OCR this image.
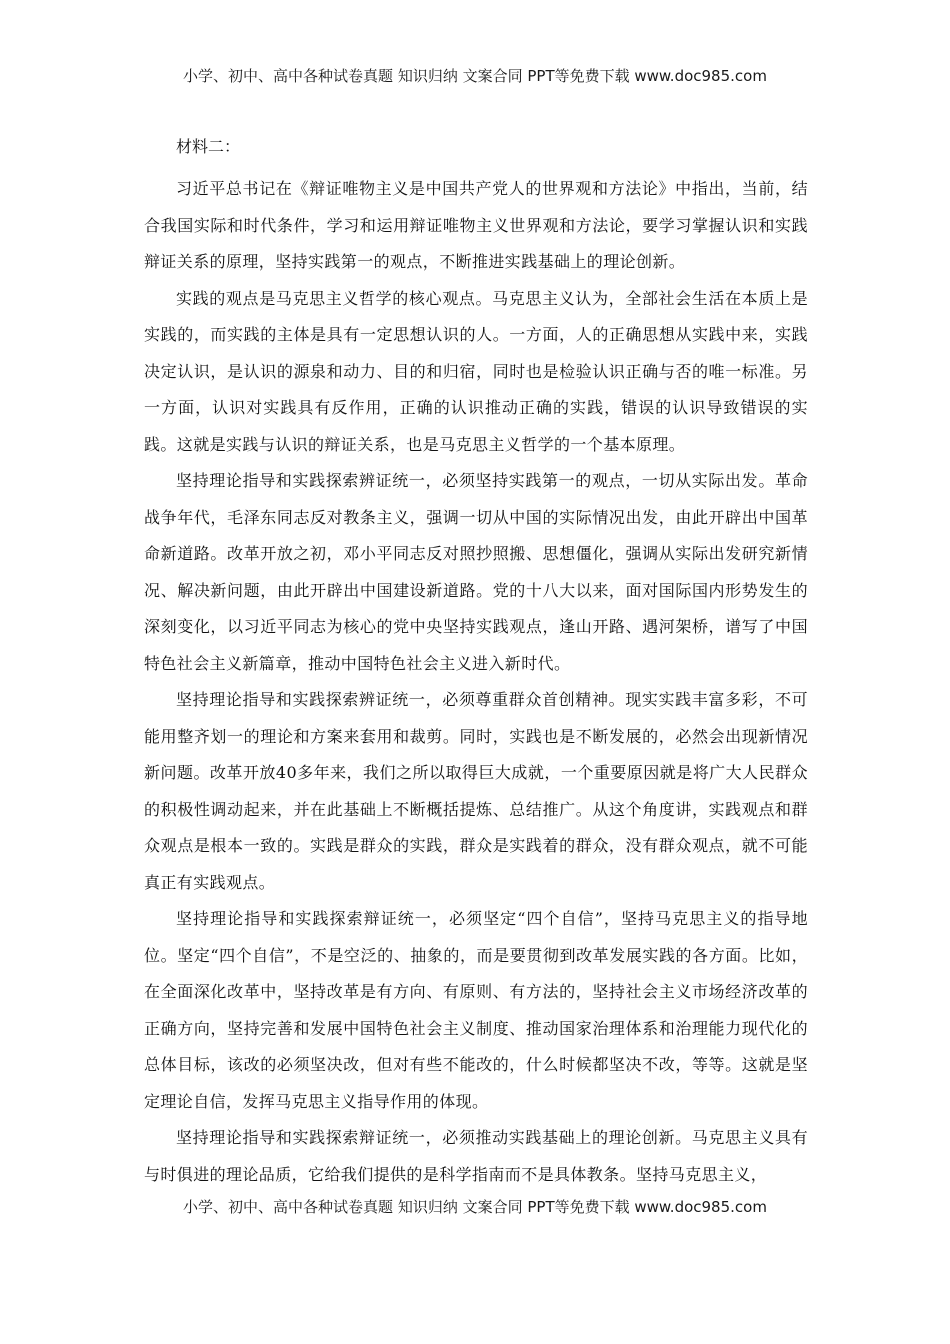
小学、初中、高中各种试卷真题 知识归纳 文案合同 PPT等免费下载 www.doc985.com

材料二：

习近平总书记在《辩证唯物主义是中国共产党人的世界观和方法论》中指出，当前，结合我国实际和时代条件，学习和运用辩证唯物主义世界观和方法论，要学习掌握认识和实践辩证关系的原理，坚持实践第一的观点，不断推进实践基础上的理论创新。

实践的观点是马克思主义哲学的核心观点。马克思主义认为，全部社会生活在本质上是实践的，而实践的主体是具有一定思想认识的人。一方面，人的正确思想从实践中来，实践决定认识，是认识的源泉和动力、目的和归宿，同时也是检验认识正确与否的唯一标准。另一方面，认识对实践具有反作用，正确的认识推动正确的实践，错误的认识导致错误的实践。这就是实践与认识的辩证关系，也是马克思主义哲学的一个基本原理。

坚持理论指导和实践探索辨证统一，必须坚持实践第一的观点，一切从实际出发。革命战争年代，毛泽东同志反对教条主义，强调一切从中国的实际情况出发，由此开辟出中国革命新道路。改革开放之初，邓小平同志反对照抄照搬、思想僵化，强调从实际出发研究新情况、解决新问题，由此开辟出中国建设新道路。党的十八大以来，面对国际国内形势发生的深刻变化，以习近平同志为核心的党中央坚持实践观点，逢山开路、遇河架桥，谱写了中国特色社会主义新篇章，推动中国特色社会主义进入新时代。

坚持理论指导和实践探索辨证统一，必须尊重群众首创精神。现实实践丰富多彩，不可能用整齐划一的理论和方案来套用和裁剪。同时，实践也是不断发展的，必然会出现新情况新问题。改革开放40多年来，我们之所以取得巨大成就，一个重要原因就是将广大人民群众的积极性调动起来，并在此基础上不断概括提炼、总结推广。从这个角度讲，实践观点和群众观点是根本一致的。实践是群众的实践，群众是实践着的群众，没有群众观点，就不可能真正有实践观点。

坚持理论指导和实践探索辩证统一，必须坚定“四个自信”，坚持马克思主义的指导地位。坚定“四个自信”，不是空泛的、抽象的，而是要贯彻到改革发展实践的各方面。比如，在全面深化改革中，坚持改革是有方向、有原则、有方法的，坚持社会主义市场经济改革的正确方向，坚持完善和发展中国特色社会主义制度、推动国家治理体系和治理能力现代化的总体目标，该改的必须坚决改，但对有些不能改的，什么时候都坚决不改，等等。这就是坚定理论自信，发挥马克思主义指导作用的体现。

坚持理论指导和实践探索辩证统一，必须推动实践基础上的理论创新。马克思主义具有与时俱进的理论品质，它给我们提供的是科学指南而不是具体教条。坚持马克思主义，

小学、初中、高中各种试卷真题 知识归纳 文案合同 PPT等免费下载 www.doc985.com
